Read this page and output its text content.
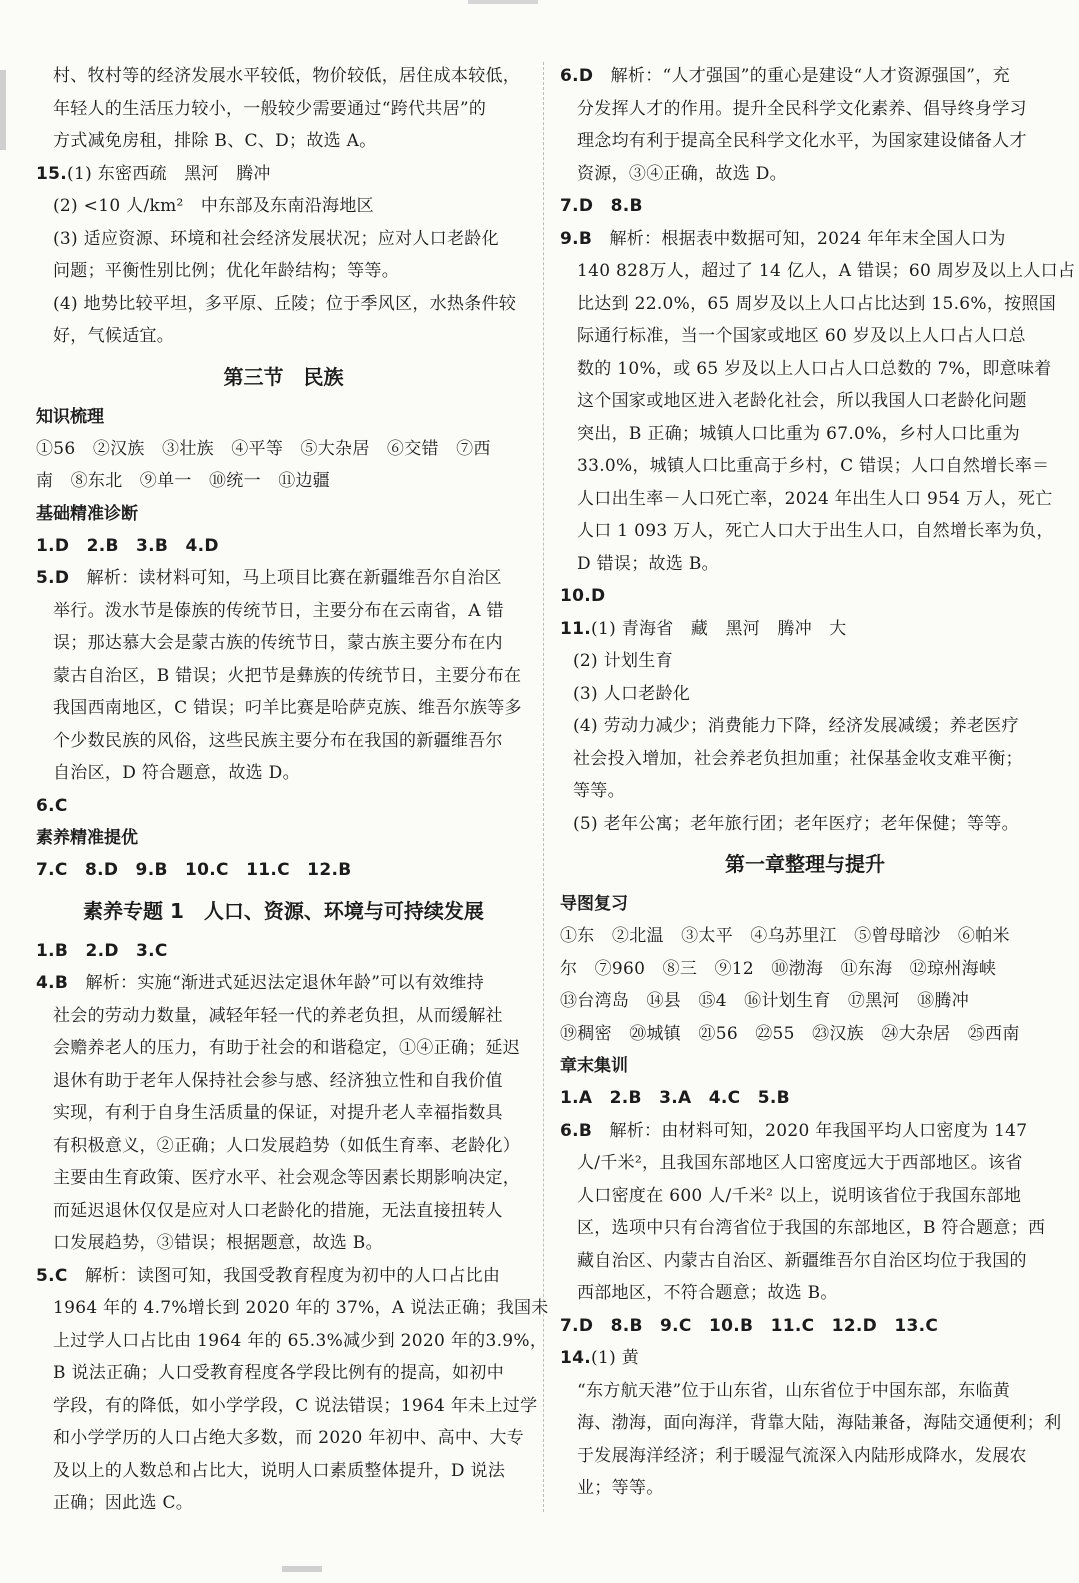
村、牧村等的经济发展水平较低，物价较低，居住成本较低，
年轻人的生活压力较小，一般较少需要通过“跨代共居”的
方式减免房租，排除 B、C、D；故选 A。
15.(1) 东密西疏　黑河　腾冲
(2) <10 人/km²　中东部及东南沿海地区
(3) 适应资源、环境和社会经济发展状况；应对人口老龄化
问题；平衡性别比例；优化年龄结构；等等。
(4) 地势比较平坦，多平原、丘陵；位于季风区，水热条件较
好，气候适宜。
第三节　民族
知识梳理
①56　②汉族　③壮族　④平等　⑤大杂居　⑥交错　⑦西
南　⑧东北　⑨单一　⑩统一　⑪边疆
基础精准诊断
1.D　2.B　3.B　4.D
5.D　解析：读材料可知，马上项目比赛在新疆维吾尔自治区
举行。泼水节是傣族的传统节日，主要分布在云南省，A 错
误；那达慕大会是蒙古族的传统节日，蒙古族主要分布在内
蒙古自治区，B 错误；火把节是彝族的传统节日，主要分布在
我国西南地区，C 错误；叼羊比赛是哈萨克族、维吾尔族等多
个少数民族的风俗，这些民族主要分布在我国的新疆维吾尔
自治区，D 符合题意，故选 D。
6.C
素养精准提优
7.C　8.D　9.B　10.C　11.C　12.B
素养专题 1　人口、资源、环境与可持续发展
1.B　2.D　3.C
4.B　解析：实施“渐进式延迟法定退休年龄”可以有效维持
社会的劳动力数量，减轻年轻一代的养老负担，从而缓解社
会赡养老人的压力，有助于社会的和谐稳定，①④正确；延迟
退休有助于老年人保持社会参与感、经济独立性和自我价值
实现，有利于自身生活质量的保证，对提升老人幸福指数具
有积极意义，②正确；人口发展趋势（如低生育率、老龄化）
主要由生育政策、医疗水平、社会观念等因素长期影响决定，
而延迟退休仅仅是应对人口老龄化的措施，无法直接扭转人
口发展趋势，③错误；根据题意，故选 B。
5.C　解析：读图可知，我国受教育程度为初中的人口占比由
1964 年的 4.7%增长到 2020 年的 37%，A 说法正确；我国未
上过学人口占比由 1964 年的 65.3%减少到 2020 年的3.9%，
B 说法正确；人口受教育程度各学段比例有的提高，如初中
学段，有的降低，如小学学段，C 说法错误；1964 年未上过学
和小学学历的人口占绝大多数，而 2020 年初中、高中、大专
及以上的人数总和占比大，说明人口素质整体提升，D 说法
正确；因此选 C。
6.D　解析：“人才强国”的重心是建设“人才资源强国”，充
分发挥人才的作用。提升全民科学文化素养、倡导终身学习
理念均有利于提高全民科学文化水平，为国家建设储备人才
资源，③④正确，故选 D。
7.D　8.B
9.B　解析：根据表中数据可知，2024 年年末全国人口为
140 828万人，超过了 14 亿人，A 错误；60 周岁及以上人口占
比达到 22.0%，65 周岁及以上人口占比达到 15.6%，按照国
际通行标准，当一个国家或地区 60 岁及以上人口占人口总
数的 10%，或 65 岁及以上人口占人口总数的 7%，即意味着
这个国家或地区进入老龄化社会，所以我国人口老龄化问题
突出，B 正确；城镇人口比重为 67.0%，乡村人口比重为
33.0%，城镇人口比重高于乡村，C 错误；人口自然增长率＝
人口出生率－人口死亡率，2024 年出生人口 954 万人，死亡
人口 1 093 万人，死亡人口大于出生人口，自然增长率为负，
D 错误；故选 B。
10.D
11.(1) 青海省　藏　黑河　腾冲　大
(2) 计划生育
(3) 人口老龄化
(4) 劳动力减少；消费能力下降，经济发展减缓；养老医疗
社会投入增加，社会养老负担加重；社保基金收支难平衡；
等等。
(5) 老年公寓；老年旅行团；老年医疗；老年保健；等等。
第一章整理与提升
导图复习
①东　②北温　③太平　④乌苏里江　⑤曾母暗沙　⑥帕米
尔　⑦960　⑧三　⑨12　⑩渤海　⑪东海　⑫琼州海峡
⑬台湾岛　⑭县　⑮4　⑯计划生育　⑰黑河　⑱腾冲
⑲稠密　⑳城镇　㉑56　㉒55　㉓汉族　㉔大杂居　㉕西南
章末集训
1.A　2.B　3.A　4.C　5.B
6.B　解析：由材料可知，2020 年我国平均人口密度为 147
人/千米²，且我国东部地区人口密度远大于西部地区。该省
人口密度在 600 人/千米² 以上，说明该省位于我国东部地
区，选项中只有台湾省位于我国的东部地区，B 符合题意；西
藏自治区、内蒙古自治区、新疆维吾尔自治区均位于我国的
西部地区，不符合题意；故选 B。
7.D　8.B　9.C　10.B　11.C　12.D　13.C
14.(1) 黄
“东方航天港”位于山东省，山东省位于中国东部，东临黄
海、渤海，面向海洋，背靠大陆，海陆兼备，海陆交通便利；利
于发展海洋经济；利于暖湿气流深入内陆形成降水，发展农
业；等等。
